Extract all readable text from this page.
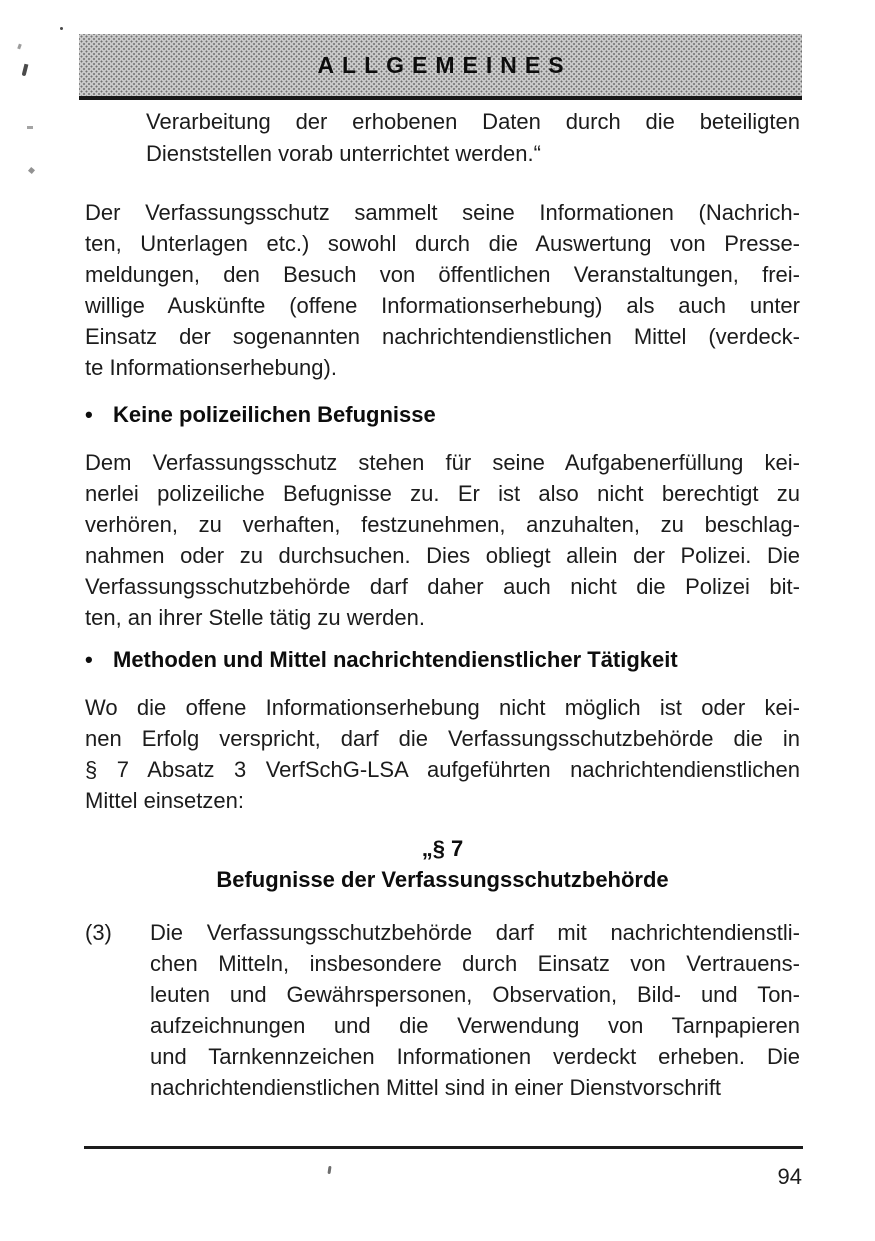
ALLGEMEINES
Verarbeitung der erhobenen Daten durch die beteiligten
Dienststellen vorab unterrichtet werden.“
Der Verfassungsschutz sammelt seine Informationen (Nachrich-
ten, Unterlagen etc.) sowohl durch die Auswertung von Presse-
meldungen, den Besuch von öffentlichen Veranstaltungen, frei-
willige Auskünfte (offene Informationserhebung) als auch unter
Einsatz der sogenannten nachrichtendienstlichen Mittel (verdeck-
te Informationserhebung).
• Keine polizeilichen Befugnisse
Dem Verfassungsschutz stehen für seine Aufgabenerfüllung kei-
nerlei polizeiliche Befugnisse zu. Er ist also nicht berechtigt zu
verhören, zu verhaften, festzunehmen, anzuhalten, zu beschlag-
nahmen oder zu durchsuchen. Dies obliegt allein der Polizei. Die
Verfassungsschutzbehörde darf daher auch nicht die Polizei bit-
ten, an ihrer Stelle tätig zu werden.
• Methoden und Mittel nachrichtendienstlicher Tätigkeit
Wo die offene Informationserhebung nicht möglich ist oder kei-
nen Erfolg verspricht, darf die Verfassungsschutzbehörde die in
§ 7 Absatz 3 VerfSchG-LSA aufgeführten nachrichtendienstlichen
Mittel einsetzen:
„§ 7
Befugnisse der Verfassungsschutzbehörde
(3)	Die Verfassungsschutzbehörde darf mit nachrichtendienstli-
chen Mitteln, insbesondere durch Einsatz von Vertrauens-
leuten und Gewährspersonen, Observation, Bild- und Ton-
aufzeichnungen und die Verwendung von Tarnpapieren
und Tarnkennzeichen Informationen verdeckt erheben. Die
nachrichtendienstlichen Mittel sind in einer Dienstvorschrift
94
